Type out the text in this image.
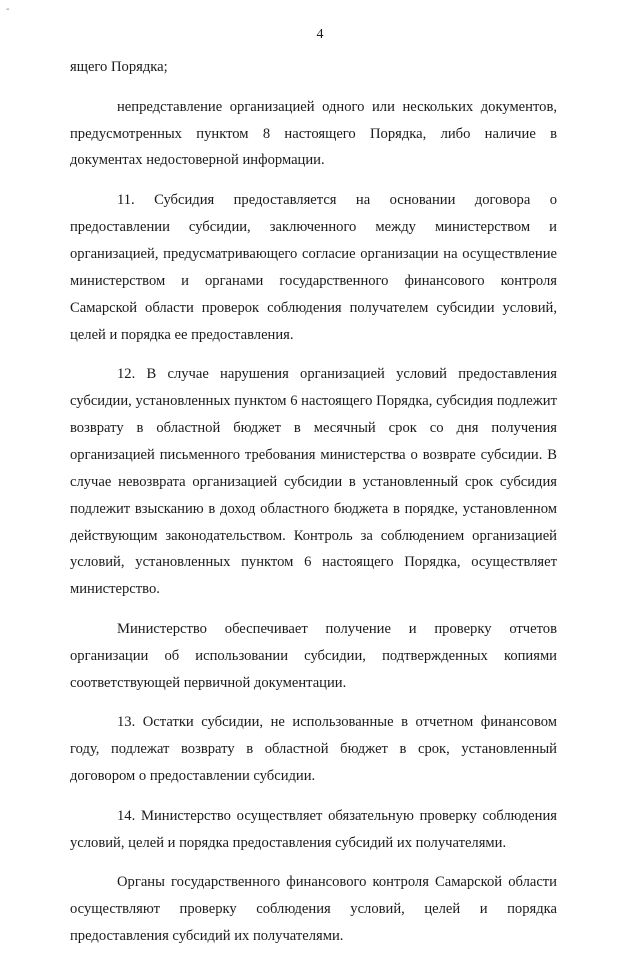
-
4

ящего Порядка;

непредставление организацией одного или нескольких документов, предусмотренных пунктом 8 настоящего Порядка, либо наличие в документах недостоверной информации.

11. Субсидия предоставляется на основании договора о предоставлении субсидии, заключенного между министерством и организацией, предусматривающего согласие организации на осуществление министерством и органами государственного финансового контроля Самарской области проверок соблюдения получателем субсидии условий, целей и порядка ее предоставления.

12. В случае нарушения организацией условий предоставления субсидии, установленных пунктом 6 настоящего Порядка, субсидия подлежит возврату в областной бюджет в месячный срок со дня получения организацией письменного требования министерства о возврате субсидии. В случае невозврата организацией субсидии в установленный срок субсидия подлежит взысканию в доход областного бюджета в порядке, установленном действующим законодательством. Контроль за соблюдением организацией условий, установленных пунктом 6 настоящего Порядка, осуществляет министерство.

Министерство обеспечивает получение и проверку отчетов организации об использовании субсидии, подтвержденных копиями соответствующей первичной документации.

13. Остатки субсидии, не использованные в отчетном финансовом году, подлежат возврату в областной бюджет в срок, установленный договором о предоставлении субсидии.

14. Министерство осуществляет обязательную проверку соблюдения условий, целей и порядка предоставления субсидий их получателями.

Органы государственного финансового контроля Самарской области осуществляют проверку соблюдения условий, целей и порядка предоставления субсидий их получателями.
